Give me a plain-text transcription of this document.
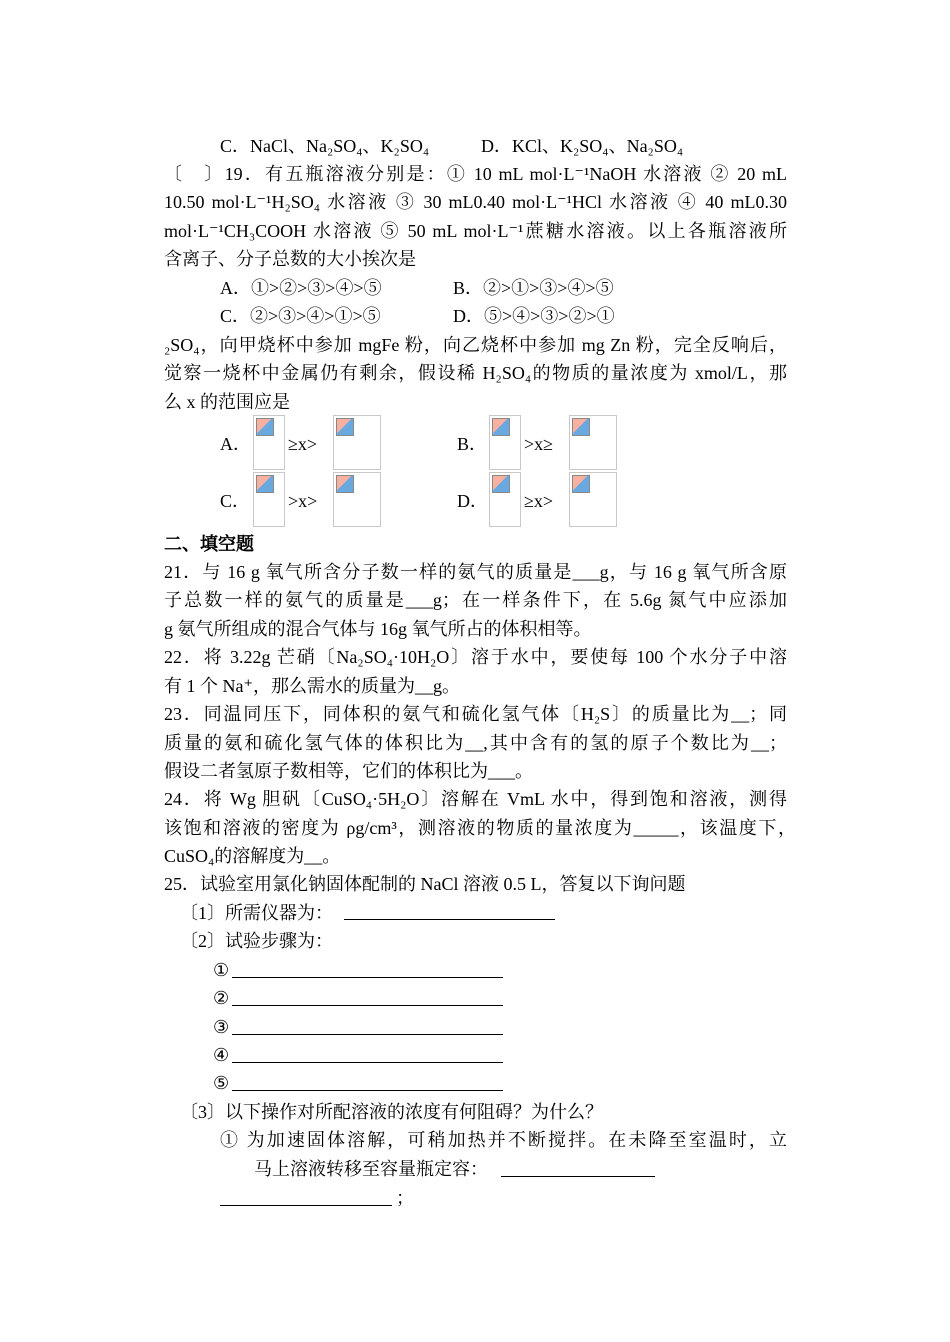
C．NaCl、Na₂SO₄、K₂SO₄	D．KCl、K₂SO₄、Na₂SO₄
〔　〕19．有五瓶溶液分别是：① 10 mL mol·L⁻¹NaOH 水溶液 ② 20 mL
10.50 mol·L⁻¹H₂SO₄ 水溶液 ③ 30 mL0.40 mol·L⁻¹HCl 水溶液 ④ 40 mL0.30
mol·L⁻¹CH₃COOH 水溶液 ⑤ 50 mL mol·L⁻¹蔗糖水溶液。以上各瓶溶液所
含离子、分子总数的大小挨次是
A．①>②>③>④>⑤	B．②>①>③>④>⑤
C．②>③>④>①>⑤	D．⑤>④>③>②>①
₂SO₄，向甲烧杯中参加 mgFe 粉，向乙烧杯中参加 mg Zn 粉，完全反响后，
觉察一烧杯中金属仍有剩余，假设稀 H₂SO₄的物质的量浓度为 xmol/L，那
么 x 的范围应是
A． ≥x>	B． >x≥
C． >x>	D． ≥x>
二、填空题
21．与 16 g 氧气所含分子数一样的氨气的质量是___g，与 16 g 氧气所含原
子总数一样的氨气的质量是___g；在一样条件下，在 5.6g 氮气中应添加
g 氨气所组成的混合气体与 16g 氧气所占的体积相等。
22．将 3.22g 芒硝〔Na₂SO₄·10H₂O〕溶于水中，要使每 100 个水分子中溶
有 1 个 Na⁺，那么需水的质量为__g。
23．同温同压下，同体积的氨气和硫化氢气体〔H₂S〕的质量比为__；同
质量的氨和硫化氢气体的体积比为__,其中含有的氢的原子个数比为__；
假设二者氢原子数相等，它们的体积比为___。
24．将 Wg 胆矾〔CuSO₄·5H₂O〕溶解在 VmL 水中，得到饱和溶液，测得
该饱和溶液的密度为 ρg/cm³，测溶液的物质的量浓度为_____，该温度下，
CuSO₄的溶解度为__。
25．试验室用氯化钠固体配制的 NaCl 溶液 0.5 L，答复以下询问题
〔1〕所需仪器为：
〔2〕试验步骤为：
①
②
③
④
⑤
〔3〕以下操作对所配溶液的浓度有何阻碍？为什么？
① 为加速固体溶解，可稍加热并不断搅拌。在未降至室温时，立
马上溶液转移至容量瓶定容：
；
